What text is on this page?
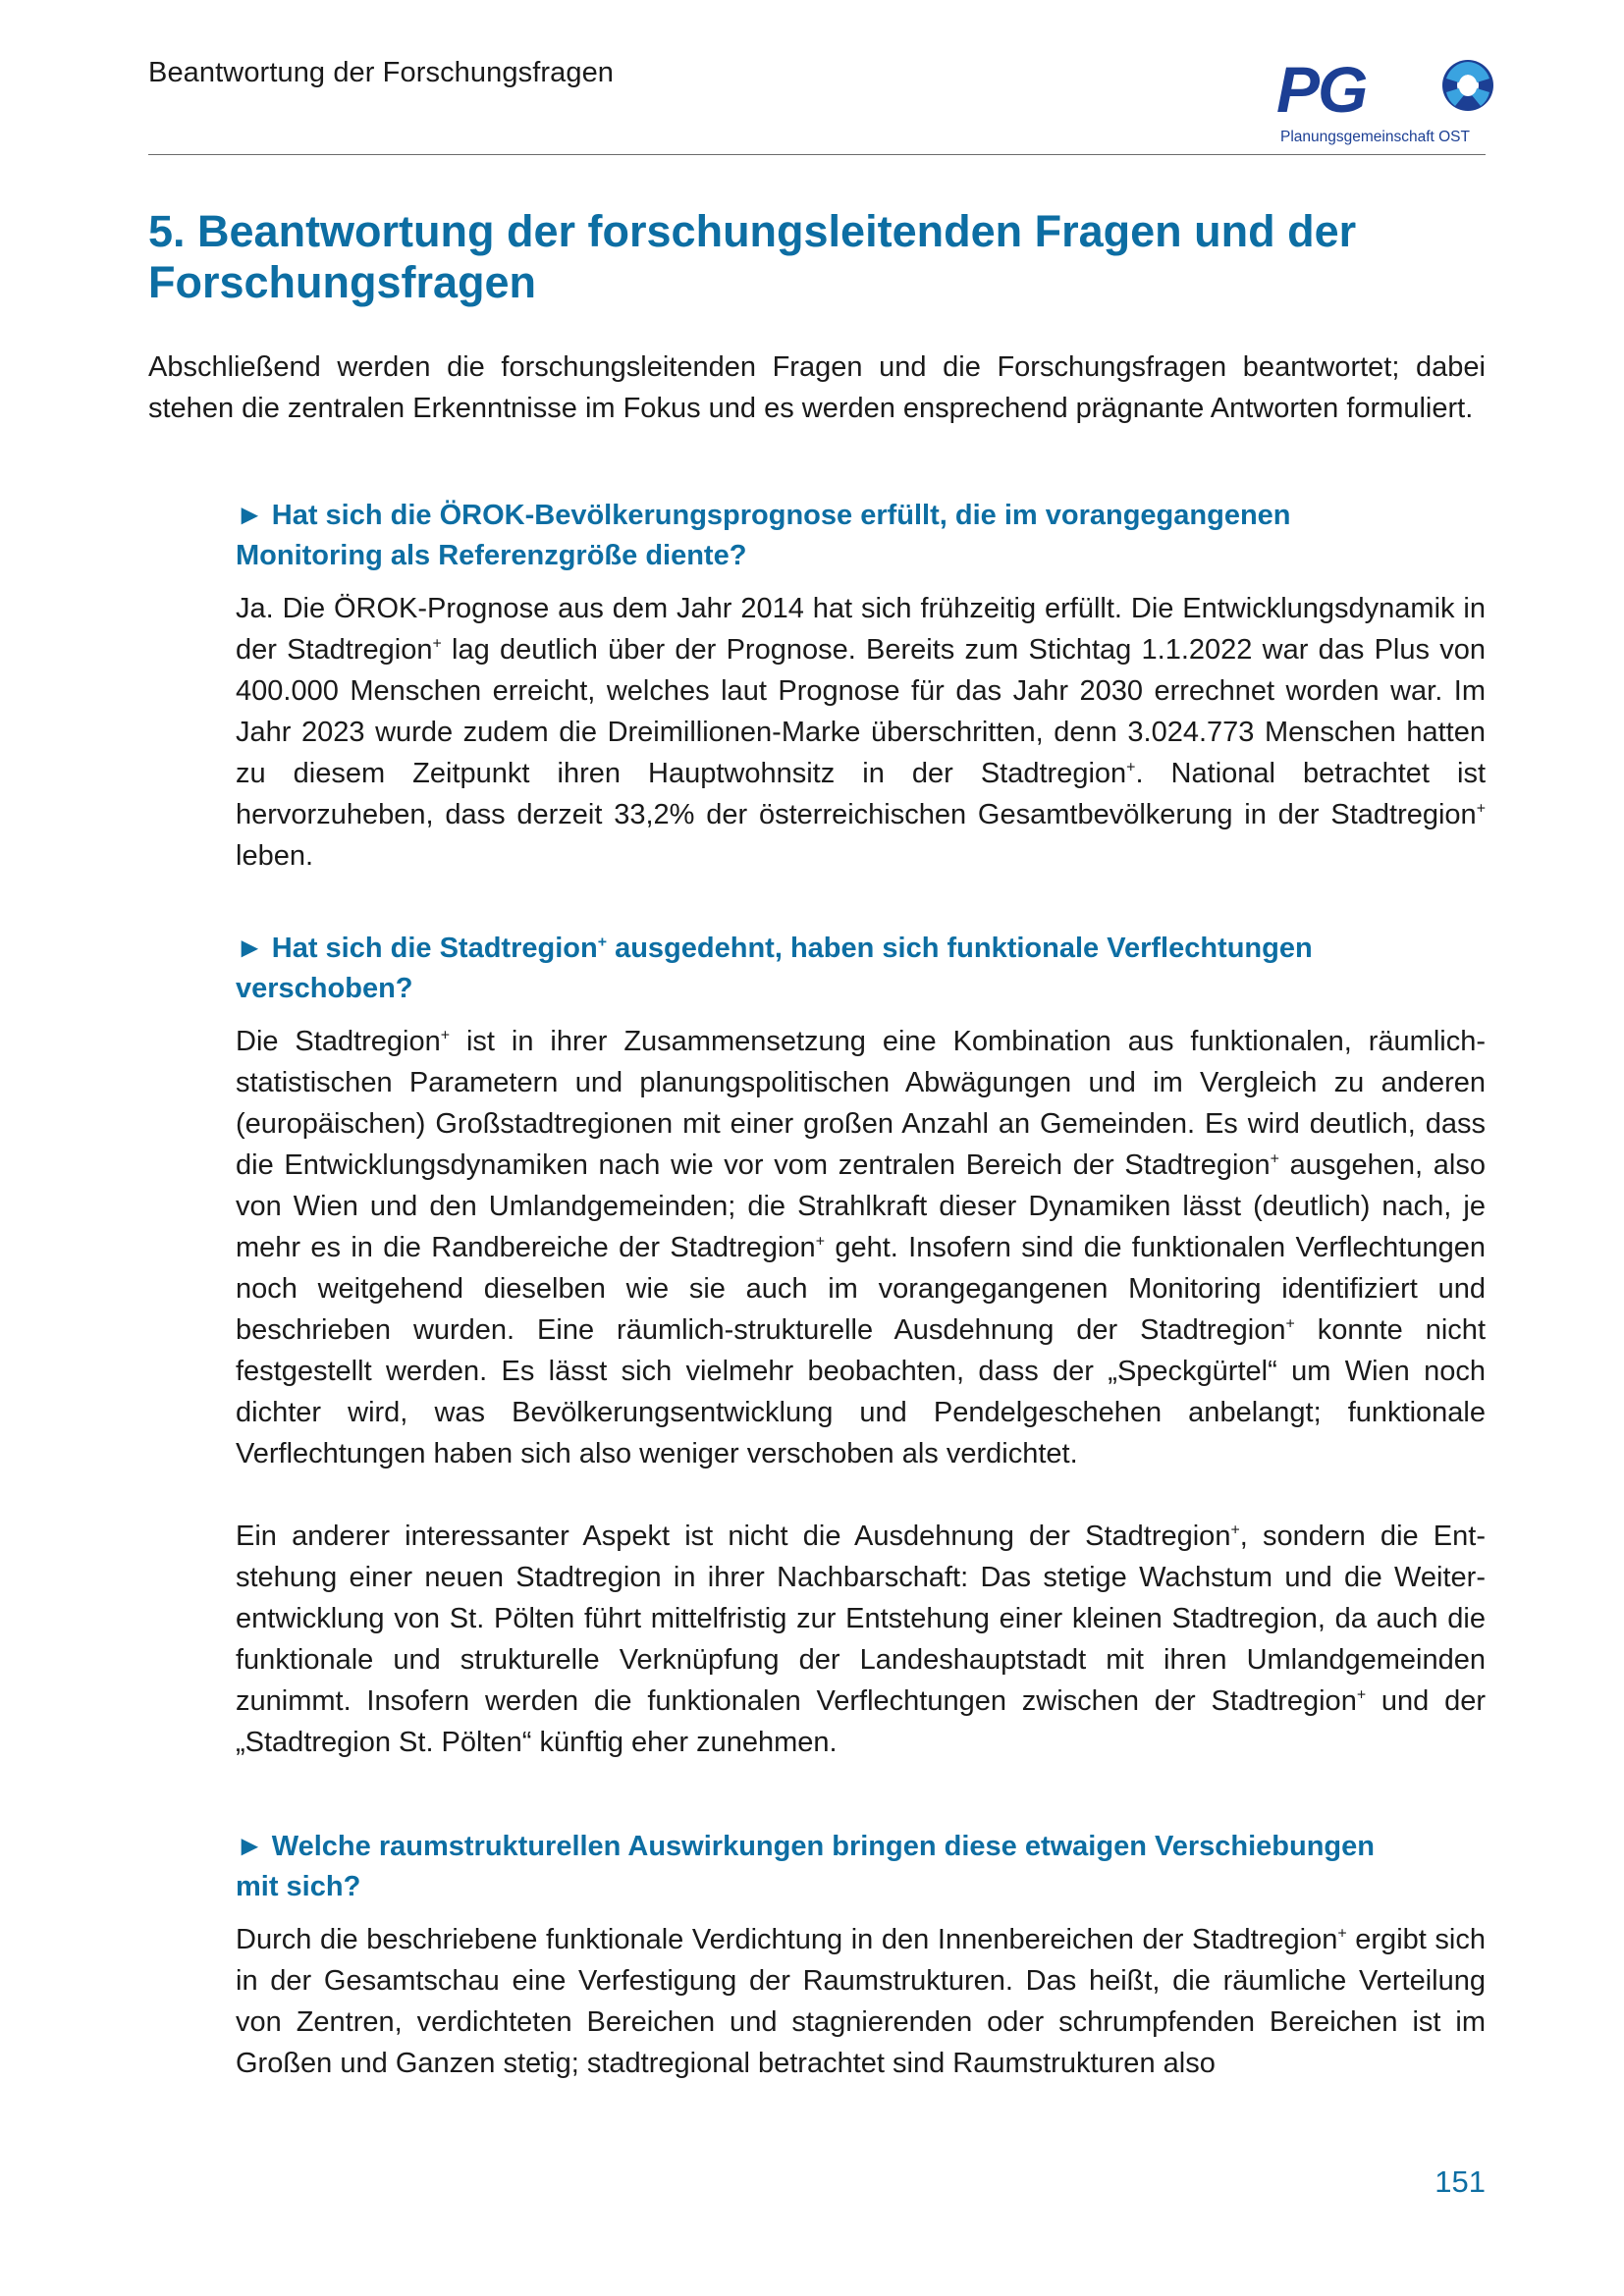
Beantwortung der Forschungsfragen	PG
Planungsgemeinschaft OST
5. Beantwortung der forschungsleitenden Fragen und der Forschungsfragen

Abschließend werden die forschungsleitenden Fragen und die Forschungsfragen beantwortet; dabei stehen die zentralen Erkenntnisse im Fokus und es werden ensprechend prägnante Antworten formuliert.

► Hat sich die ÖROK-Bevölkerungsprognose erfüllt, die im vorangegangenen Monitoring als Referenzgröße diente?

Ja. Die ÖROK-Prognose aus dem Jahr 2014 hat sich frühzeitig erfüllt. Die Entwicklungsdynamik in der Stadtregion+ lag deutlich über der Prognose. Bereits zum Stichtag 1.1.2022 war das Plus von 400.000 Menschen erreicht, welches laut Prognose für das Jahr 2030 errechnet worden war. Im Jahr 2023 wurde zudem die Dreimillionen-Marke überschritten, denn 3.024.773 Menschen hatten zu diesem Zeitpunkt ihren Hauptwohnsitz in der Stadtregion+. National betrachtet ist hervorzuheben, dass derzeit 33,2% der österreichischen Gesamtbevölkerung in der Stadtregion+ leben.

► Hat sich die Stadtregion+ ausgedehnt, haben sich funktionale Verflechtungen verschoben?

Die Stadtregion+ ist in ihrer Zusammensetzung eine Kombination aus funktionalen, räumlich-statistischen Parametern und planungspolitischen Abwägungen und im Vergleich zu anderen (europäischen) Großstadtregionen mit einer großen Anzahl an Gemeinden. Es wird deutlich, dass die Entwicklungsdynamiken nach wie vor vom zentralen Bereich der Stadtregion+ ausgehen, also von Wien und den Umlandgemeinden; die Strahlkraft dieser Dynamiken lässt (deutlich) nach, je mehr es in die Randbereiche der Stadtregion+ geht. Insofern sind die funktionalen Verflechtungen noch weitgehend dieselben wie sie auch im vorangegangenen Monitoring identifiziert und beschrieben wurden. Eine räumlich-strukturelle Ausdehnung der Stadtregion+ konnte nicht festgestellt werden. Es lässt sich vielmehr beobachten, dass der „Speckgürtel“ um Wien noch dichter wird, was Bevölkerungsentwicklung und Pendelgeschehen anbelangt; funktionale Verflechtungen haben sich also weniger verschoben als verdichtet.

Ein anderer interessanter Aspekt ist nicht die Ausdehnung der Stadtregion+, sondern die Entstehung einer neuen Stadtregion in ihrer Nachbarschaft: Das stetige Wachstum und die Weiterentwicklung von St. Pölten führt mittelfristig zur Entstehung einer kleinen Stadtregion, da auch die funktionale und strukturelle Verknüpfung der Landeshauptstadt mit ihren Umlandgemeinden zunimmt. Insofern werden die funktionalen Verflechtungen zwischen der Stadtregion+ und der „Stadtregion St. Pölten“ künftig eher zunehmen.

► Welche raumstrukturellen Auswirkungen bringen diese etwaigen Verschiebungen mit sich?

Durch die beschriebene funktionale Verdichtung in den Innenbereichen der Stadtregion+ ergibt sich in der Gesamtschau eine Verfestigung der Raumstrukturen. Das heißt, die räumliche Verteilung von Zentren, verdichteten Bereichen und stagnierenden oder schrumpfenden Bereichen ist im Großen und Ganzen stetig; stadtregional betrachtet sind Raumstrukturen also

151
